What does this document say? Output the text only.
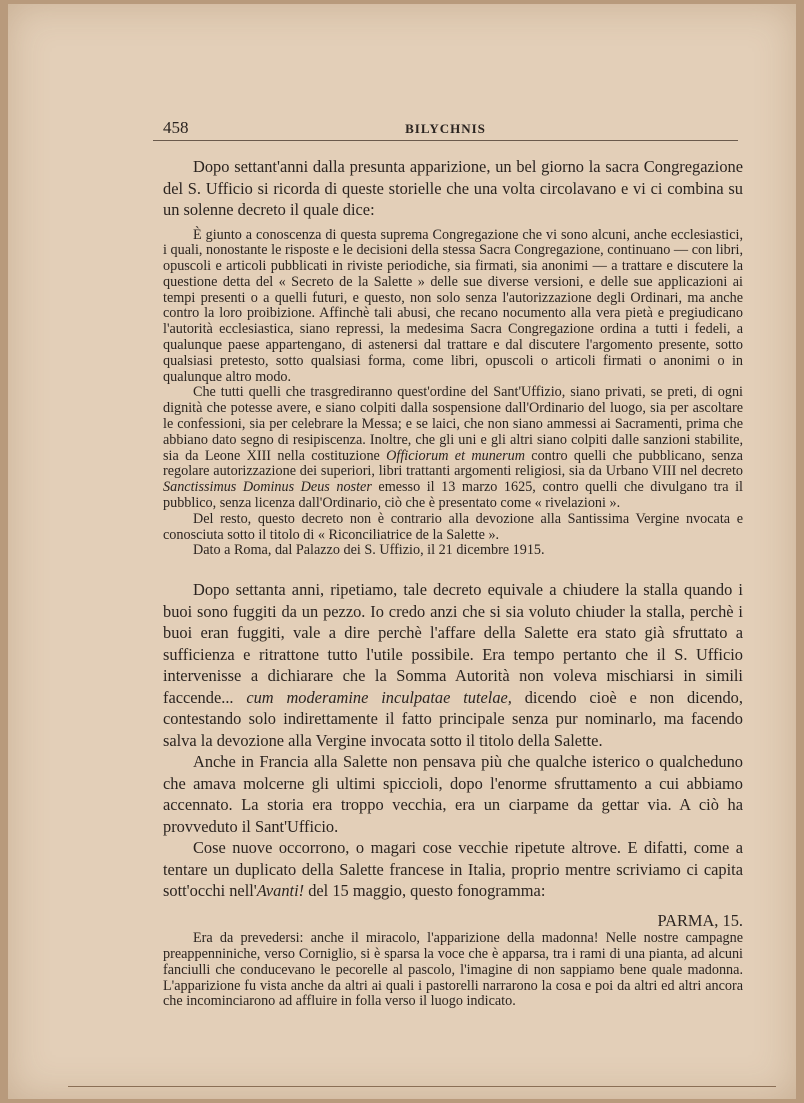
458	BILYCHNIS

Dopo settant'anni dalla presunta apparizione, un bel giorno la sacra Congregazione del S. Ufficio si ricorda di queste storielle che una volta circolavano e vi ci combina su un solenne decreto il quale dice:

È giunto a conoscenza di questa suprema Congregazione che vi sono alcuni, anche ecclesiastici, i quali, nonostante le risposte e le decisioni della stessa Sacra Congregazione, continuano — con libri, opuscoli e articoli pubblicati in riviste periodiche, sia firmati, sia anonimi — a trattare e discutere la questione detta del « Secreto de la Salette » delle sue diverse versioni, e delle sue applicazioni ai tempi presenti o a quelli futuri, e questo, non solo senza l'autorizzazione degli Ordinari, ma anche contro la loro proibizione. Affinchè tali abusi, che recano nocumento alla vera pietà e pregiudicano l'autorità ecclesiastica, siano repressi, la medesima Sacra Congregazione ordina a tutti i fedeli, a qualunque paese appartengano, di astenersi dal trattare e dal discutere l'argomento presente, sotto qualsiasi pretesto, sotto qualsiasi forma, come libri, opuscoli o articoli firmati o anonimi o in qualunque altro modo.

Che tutti quelli che trasgrediranno quest'ordine del Sant'Uffizio, siano privati, se preti, di ogni dignità che potesse avere, e siano colpiti dalla sospensione dall'Ordinario del luogo, sia per ascoltare le confessioni, sia per celebrare la Messa; e se laici, che non siano ammessi ai Sacramenti, prima che abbiano dato segno di resipiscenza. Inoltre, che gli uni e gli altri siano colpiti dalle sanzioni stabilite, sia da Leone XIII nella costituzione Officiorum et munerum contro quelli che pubblicano, senza regolare autorizzazione dei superiori, libri trattanti argomenti religiosi, sia da Urbano VIII nel decreto Sanctissimus Dominus Deus noster emesso il 13 marzo 1625, contro quelli che divulgano tra il pubblico, senza licenza dall'Ordinario, ciò che è presentato come « rivelazioni ».

Del resto, questo decreto non è contrario alla devozione alla Santissima Vergine nvocata e conosciuta sotto il titolo di « Riconciliatrice de la Salette ».

Dato a Roma, dal Palazzo dei S. Uffizio, il 21 dicembre 1915.

Dopo settanta anni, ripetiamo, tale decreto equivale a chiudere la stalla quando i buoi sono fuggiti da un pezzo. Io credo anzi che si sia voluto chiuder la stalla, perchè i buoi eran fuggiti, vale a dire perchè l'affare della Salette era stato già sfruttato a sufficienza e ritrattone tutto l'utile possibile. Era tempo pertanto che il S. Ufficio intervenisse a dichiarare che la Somma Autorità non voleva mischiarsi in simili faccende... cum moderamine inculpatae tutelae, dicendo cioè e non dicendo, contestando solo indirettamente il fatto principale senza pur nominarlo, ma facendo salva la devozione alla Vergine invocata sotto il titolo della Salette.

Anche in Francia alla Salette non pensava più che qualche isterico o qualcheduno che amava molcerne gli ultimi spiccioli, dopo l'enorme sfruttamento a cui abbiamo accennato. La storia era troppo vecchia, era un ciarpame da gettar via. A ciò ha provveduto il Sant'Ufficio.

Cose nuove occorrono, o magari cose vecchie ripetute altrove. E difatti, come a tentare un duplicato della Salette francese in Italia, proprio mentre scriviamo ci capita sott'occhi nell'Avanti! del 15 maggio, questo fonogramma:

PARMA, 15.

Era da prevedersi: anche il miracolo, l'apparizione della madonna! Nelle nostre campagne preappenniniche, verso Corniglio, si è sparsa la voce che è apparsa, tra i rami di una pianta, ad alcuni fanciulli che conducevano le pecorelle al pascolo, l'imagine di non sappiamo bene quale madonna. L'apparizione fu vista anche da altri ai quali i pastorelli narrarono la cosa e poi da altri ed altri ancora che incominciarono ad affluire in folla verso il luogo indicato.
